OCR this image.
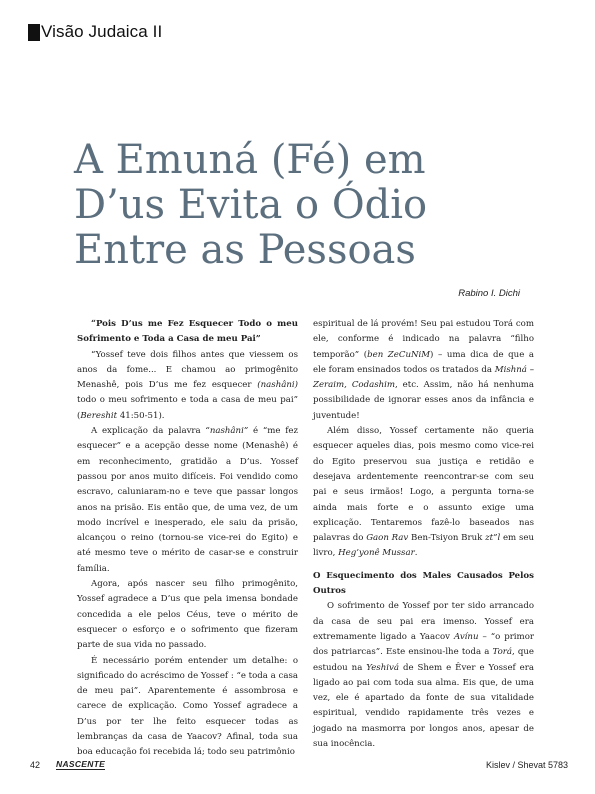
Visão Judaica II
A Emuná (Fé) em
D’us Evita o Ódio
Entre as Pessoas
Rabino I. Dichi

“Pois D’us me Fez Esquecer Todo o meu Sofrimento e Toda a Casa de meu Pai”

“Yossef teve dois filhos antes que viessem os anos da fome... E chamou ao primogênito Menashê, pois D’us me fez esquecer (nashâni) todo o meu sofrimento e toda a casa de meu pai” (Bereshit 41:50-51).

A explicação da palavra “nashâni” é “me fez esquecer” e a acepção desse nome (Menashê) é em reconhecimento, gratidão a D’us. Yossef passou por anos muito difíceis. Foi vendido como escravo, caluniaram-no e teve que passar longos anos na prisão. Eis então que, de uma vez, de um modo incrível e inesperado, ele saiu da prisão, alcançou o reino (tornou-se vice-rei do Egito) e até mesmo teve o mérito de casar-se e construir família.

Agora, após nascer seu filho primogênito, Yossef agradece a D’us que pela imensa bondade concedida a ele pelos Céus, teve o mérito de esquecer o esforço e o sofrimento que fizeram parte de sua vida no passado.

É necessário porém entender um detalhe: o significado do acréscimo de Yossef : “e toda a casa de meu pai”. Aparentemente é assombrosa e carece de explicação. Como Yossef agradece a D’us por ter lhe feito esquecer todas as lembranças da casa de Yaacov? Afinal, toda sua boa educação foi recebida lá; todo seu patrimônio

espiritual de lá provém! Seu pai estudou Torá com ele, conforme é indicado na palavra “filho temporão” (ben ZeCuNiM) – uma dica de que a ele foram ensinados todos os tratados da Mishná – Zeraim, Codashim, etc. Assim, não há nenhuma possibilidade de ignorar esses anos da infância e juventude!

Além disso, Yossef certamente não queria esquecer aqueles dias, pois mesmo como vice-rei do Egito preservou sua justiça e retidão e desejava ardentemente reencontrar-se com seu pai e seus irmãos! Logo, a pergunta torna-se ainda mais forte e o assunto exige uma explicação. Tentaremos fazê-lo baseados nas palavras do Gaon Rav Ben-Tsiyon Bruk zt”l em seu livro, Heg’yonê Mussar.

O Esquecimento dos Males Causados Pelos Outros

O sofrimento de Yossef por ter sido arrancado da casa de seu pai era imenso. Yossef era extremamente ligado a Yaacov Avínu – “o primor dos patriarcas”. Este ensinou-lhe toda a Torá, que estudou na Yeshivá de Shem e Êver e Yossef era ligado ao pai com toda sua alma. Eis que, de uma vez, ele é apartado da fonte de sua vitalidade espiritual, vendido rapidamente três vezes e jogado na masmorra por longos anos, apesar de sua inocência.

42 NASCENTE	Kislev / Shevat 5783
